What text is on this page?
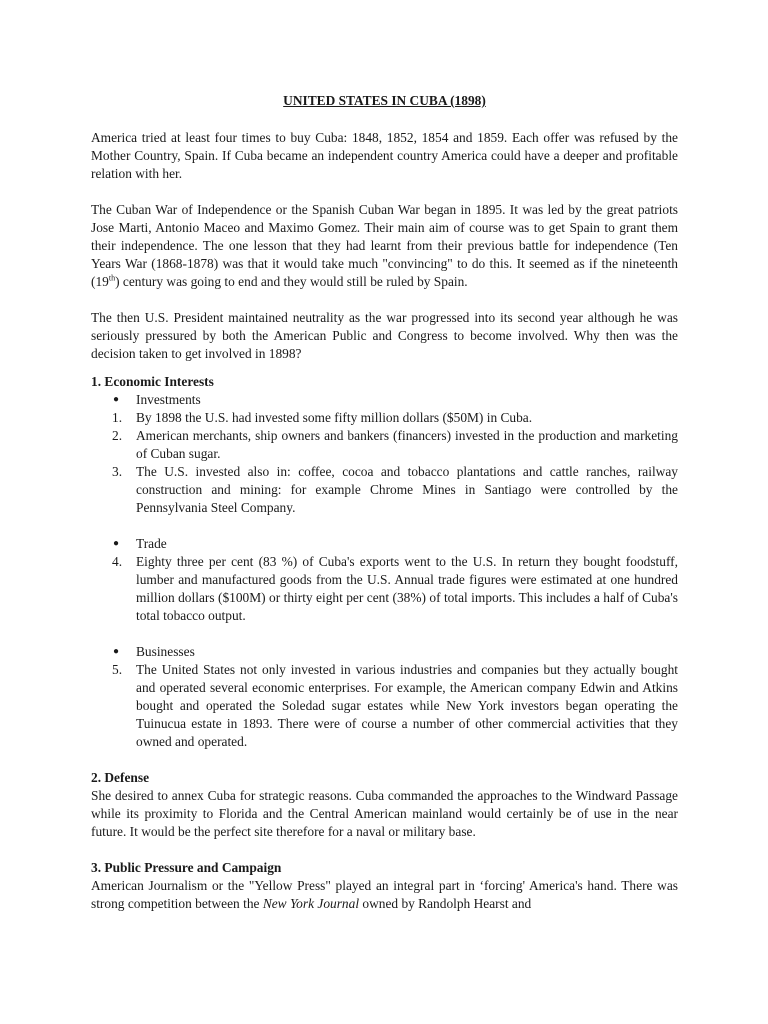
UNITED STATES IN CUBA (1898)

America tried at least four times to buy Cuba: 1848, 1852, 1854 and 1859. Each offer was refused by the Mother Country, Spain. If Cuba became an independent country America could have a deeper and profitable relation with her.

The Cuban War of Independence or the Spanish Cuban War began in 1895. It was led by the great patriots Jose Marti, Antonio Maceo and Maximo Gomez. Their main aim of course was to get Spain to grant them their independence. The one lesson that they had learnt from their previous battle for independence (Ten Years War (1868-1878) was that it would take much "convincing" to do this. It seemed as if the nineteenth (19th) century was going to end and they would still be ruled by Spain.

The then U.S. President maintained neutrality as the war progressed into its second year although he was seriously pressured by both the American Public and Congress to become involved. Why then was the decision taken to get involved in 1898?

1. Economic Interests

● Investments

1. By 1898 the U.S. had invested some fifty million dollars ($50M) in Cuba.

2. American merchants, ship owners and bankers (financers) invested in the production and marketing of Cuban sugar.

3. The U.S. invested also in: coffee, cocoa and tobacco plantations and cattle ranches, railway construction and mining: for example Chrome Mines in Santiago were controlled by the Pennsylvania Steel Company.

● Trade

4. Eighty three per cent (83 %) of Cuba's exports went to the U.S. In return they bought foodstuff, lumber and manufactured goods from the U.S. Annual trade figures were estimated at one hundred million dollars ($100M) or thirty eight per cent (38%) of total imports. This includes a half of Cuba's total tobacco output.

● Businesses

5. The United States not only invested in various industries and companies but they actually bought and operated several economic enterprises. For example, the American company Edwin and Atkins bought and operated the Soledad sugar estates while New York investors began operating the Tuinucua estate in 1893. There were of course a number of other commercial activities that they owned and operated.

2. Defense

She desired to annex Cuba for strategic reasons. Cuba commanded the approaches to the Windward Passage while its proximity to Florida and the Central American mainland would certainly be of use in the near future. It would be the perfect site therefore for a naval or military base.

3. Public Pressure and Campaign

American Journalism or the "Yellow Press" played an integral part in ‘forcing' America's hand. There was strong competition between the New York Journal owned by Randolph Hearst and
